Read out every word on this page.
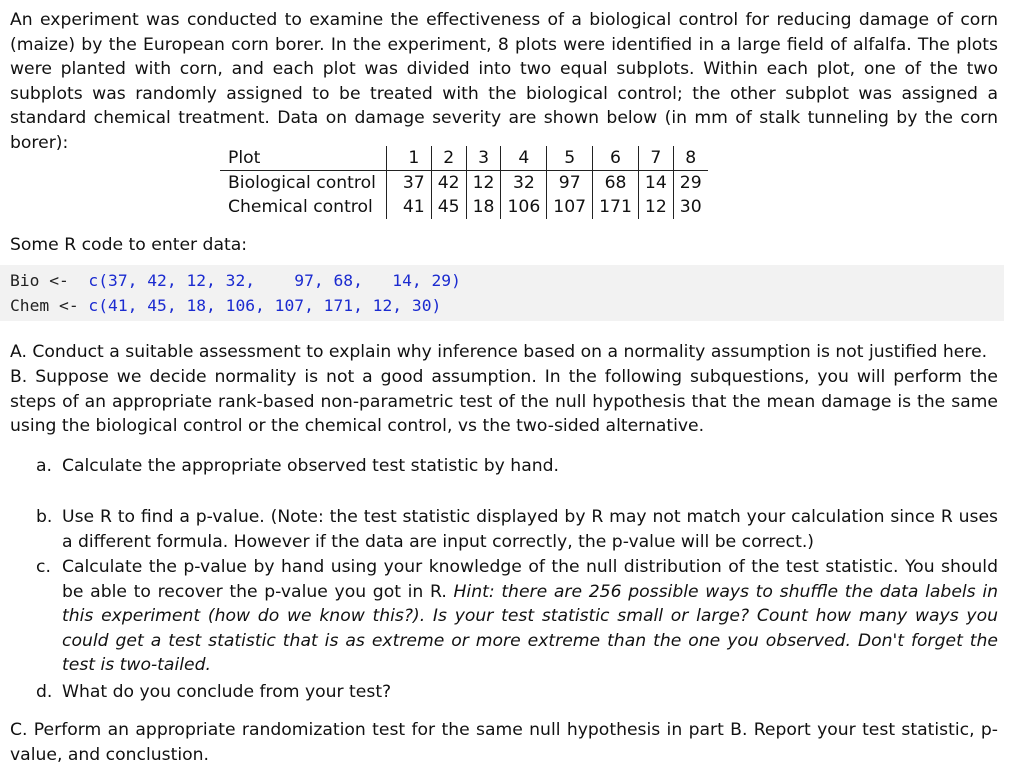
An experiment was conducted to examine the effectiveness of a biological control for reducing damage of corn (maize) by the European corn borer. In the experiment, 8 plots were identified in a large field of alfalfa. The plots were planted with corn, and each plot was divided into two equal subplots. Within each plot, one of the two subplots was randomly assigned to be treated with the biological control; the other subplot was assigned a standard chemical treatment. Data on damage severity are shown below (in mm of stalk tunneling by the corn borer):

Plot	1	2	3	4	5	6	7	8
Biological control	37	42	12	32	97	68	14	29
Chemical control	41	45	18	106	107	171	12	30

Some R code to enter data:

Bio <-  c(37, 42, 12, 32,    97, 68,   14, 29)
Chem <- c(41, 45, 18, 106, 107, 171, 12, 30)

A. Conduct a suitable assessment to explain why inference based on a normality assumption is not justified here.

B. Suppose we decide normality is not a good assumption. In the following subquestions, you will perform the steps of an appropriate rank-based non-parametric test of the null hypothesis that the mean damage is the same using the biological control or the chemical control, vs the two-sided alternative.

a. Calculate the appropriate observed test statistic by hand.

b. Use R to find a p-value. (Note: the test statistic displayed by R may not match your calculation since R uses a different formula. However if the data are input correctly, the p-value will be correct.)

c. Calculate the p-value by hand using your knowledge of the null distribution of the test statistic. You should be able to recover the p-value you got in R. Hint: there are 256 possible ways to shuffle the data labels in this experiment (how do we know this?). Is your test statistic small or large? Count how many ways you could get a test statistic that is as extreme or more extreme than the one you observed. Don't forget the test is two-tailed.

d. What do you conclude from your test?

C. Perform an appropriate randomization test for the same null hypothesis in part B. Report your test statistic, p-value, and conclustion.
